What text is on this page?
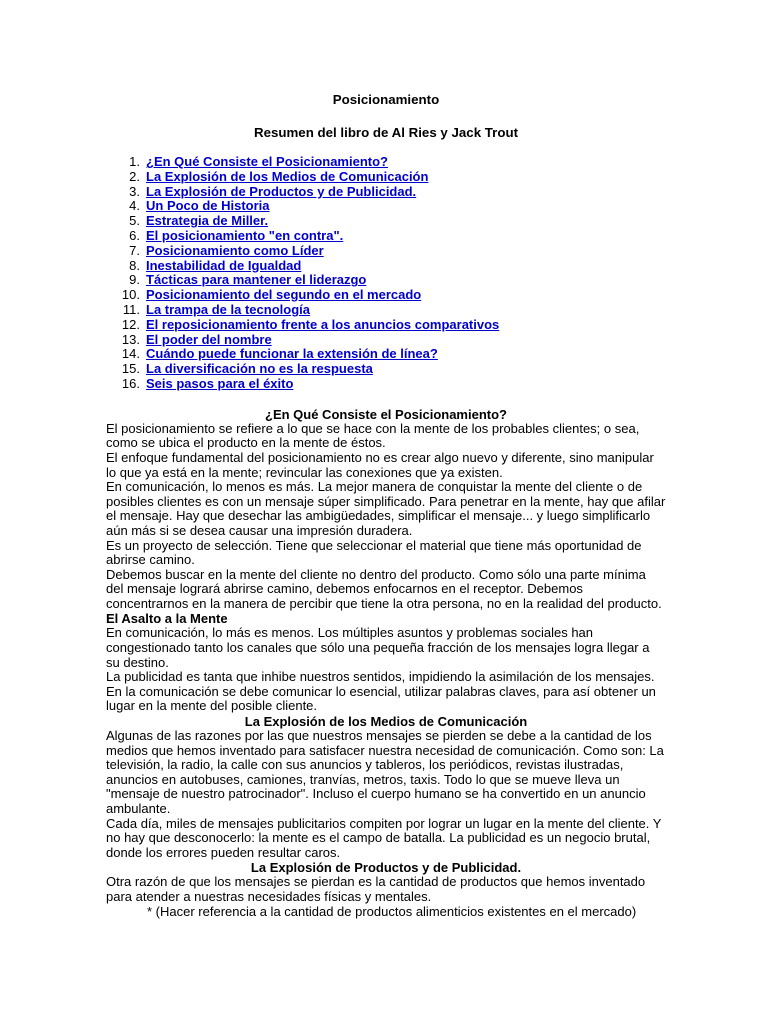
Posicionamiento
Resumen del libro de Al Ries y Jack Trout
1. ¿En Qué Consiste el Posicionamiento?
2. La Explosión de los Medios de Comunicación
3. La Explosión de Productos y de Publicidad.
4. Un Poco de Historia
5. Estrategia de Miller.
6. El posicionamiento "en contra".
7. Posicionamiento como Líder
8. Inestabilidad de Igualdad
9. Tácticas para mantener el liderazgo
10. Posicionamiento del segundo en el mercado
11. La trampa de la tecnología
12. El reposicionamiento frente a los anuncios comparativos
13. El poder del nombre
14. Cuándo puede funcionar la extensión de línea?
15. La diversificación no es la respuesta
16. Seis pasos para el éxito
¿En Qué Consiste el Posicionamiento?

El posicionamiento se refiere a lo que se hace con la mente de los probables clientes; o sea, como se ubica el producto en la mente de éstos.

El enfoque fundamental del posicionamiento no es crear algo nuevo y diferente, sino manipular lo que ya está en la mente; revincular las conexiones que ya existen.

En comunicación, lo menos es más. La mejor manera de conquistar la mente del cliente o de posibles clientes es con un mensaje súper simplificado. Para penetrar en la mente, hay que afilar el mensaje. Hay que desechar las ambigüedades, simplificar el mensaje... y luego simplificarlo aún más si se desea causar una impresión duradera.

Es un proyecto de selección. Tiene que seleccionar el material que tiene más oportunidad de abrirse camino.

Debemos buscar en la mente del cliente no dentro del producto. Como sólo una parte mínima del mensaje logrará abrirse camino, debemos enfocarnos en el receptor. Debemos concentrarnos en la manera de percibir que tiene la otra persona, no en la realidad del producto.

El Asalto a la Mente

En comunicación, lo más es menos. Los múltiples asuntos y problemas sociales han congestionado tanto los canales que sólo una pequeña fracción de los mensajes logra llegar a su destino.

La publicidad es tanta que inhibe nuestros sentidos, impidiendo la asimilación de los mensajes.

En la comunicación se debe comunicar lo esencial, utilizar palabras claves, para así obtener un lugar en la mente del posible cliente.

La Explosión de los Medios de Comunicación

Algunas de las razones por las que nuestros mensajes se pierden se debe a la cantidad de los medios que hemos inventado para satisfacer nuestra necesidad de comunicación. Como son: La televisión, la radio, la calle con sus anuncios y tableros, los periódicos, revistas ilustradas, anuncios en autobuses, camiones, tranvías, metros, taxis. Todo lo que se mueve lleva un "mensaje de nuestro patrocinador". Incluso el cuerpo humano se ha convertido en un anuncio ambulante.

Cada día, miles de mensajes publicitarios compiten por lograr un lugar en la mente del cliente. Y no hay que desconocerlo: la mente es el campo de batalla. La publicidad es un negocio brutal, donde los errores pueden resultar caros.

La Explosión de Productos y de Publicidad.

Otra razón de que los mensajes se pierdan es la cantidad de productos que hemos inventado para atender a nuestras necesidades físicas y mentales.

* (Hacer referencia a la cantidad de productos alimenticios existentes en el mercado)
